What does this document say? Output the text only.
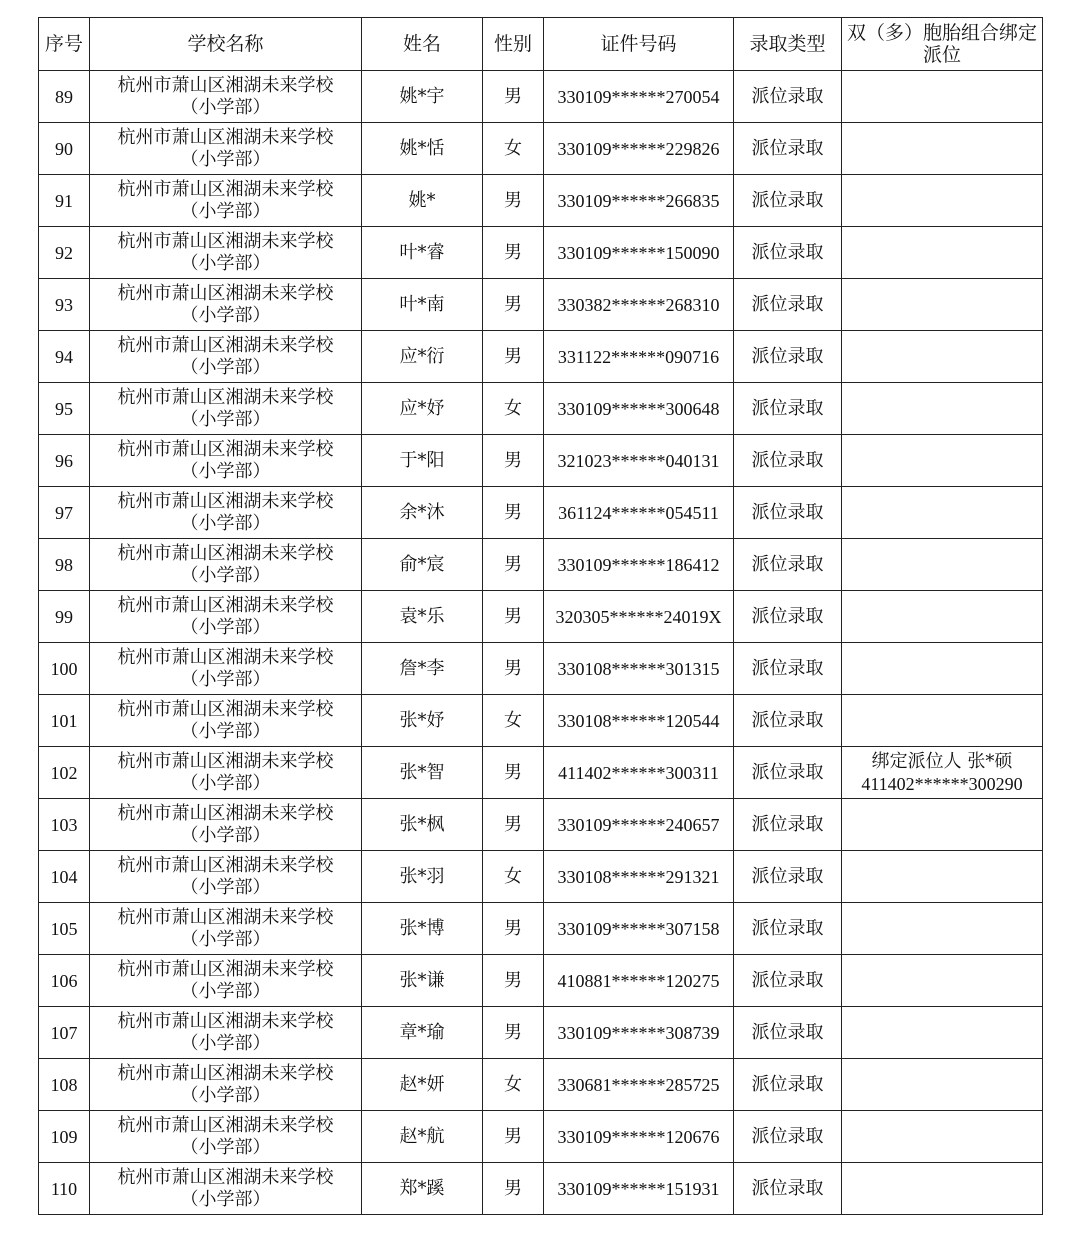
序号	学校名称	姓名	性别	证件号码	录取类型	双（多）胞胎组合绑定派位
89	杭州市萧山区湘湖未来学校
（小学部）	姚*宇	男	330109******270054	派位录取	

90	杭州市萧山区湘湖未来学校
（小学部）	姚*恬	女	330109******229826	派位录取	

91	杭州市萧山区湘湖未来学校
（小学部）	姚*	男	330109******266835	派位录取	

92	杭州市萧山区湘湖未来学校
（小学部）	叶*睿	男	330109******150090	派位录取	

93	杭州市萧山区湘湖未来学校
（小学部）	叶*南	男	330382******268310	派位录取	

94	杭州市萧山区湘湖未来学校
（小学部）	应*衍	男	331122******090716	派位录取	

95	杭州市萧山区湘湖未来学校
（小学部）	应*妤	女	330109******300648	派位录取	

96	杭州市萧山区湘湖未来学校
（小学部）	于*阳	男	321023******040131	派位录取	

97	杭州市萧山区湘湖未来学校
（小学部）	余*沐	男	361124******054511	派位录取	

98	杭州市萧山区湘湖未来学校
（小学部）	俞*宸	男	330109******186412	派位录取	

99	杭州市萧山区湘湖未来学校
（小学部）	袁*乐	男	320305******24019X	派位录取	

100	杭州市萧山区湘湖未来学校
（小学部）	詹*李	男	330108******301315	派位录取	

101	杭州市萧山区湘湖未来学校
（小学部）	张*妤	女	330108******120544	派位录取	

102	杭州市萧山区湘湖未来学校
（小学部）	张*智	男	411402******300311	派位录取	绑定派位人 张*硕
411402******300290

103	杭州市萧山区湘湖未来学校
（小学部）	张*枫	男	330109******240657	派位录取	

104	杭州市萧山区湘湖未来学校
（小学部）	张*羽	女	330108******291321	派位录取	

105	杭州市萧山区湘湖未来学校
（小学部）	张*博	男	330109******307158	派位录取	

106	杭州市萧山区湘湖未来学校
（小学部）	张*谦	男	410881******120275	派位录取	

107	杭州市萧山区湘湖未来学校
（小学部）	章*瑜	男	330109******308739	派位录取	

108	杭州市萧山区湘湖未来学校
（小学部）	赵*妍	女	330681******285725	派位录取	

109	杭州市萧山区湘湖未来学校
（小学部）	赵*航	男	330109******120676	派位录取	

110	杭州市萧山区湘湖未来学校
（小学部）	郑*蹊	男	330109******151931	派位录取	
